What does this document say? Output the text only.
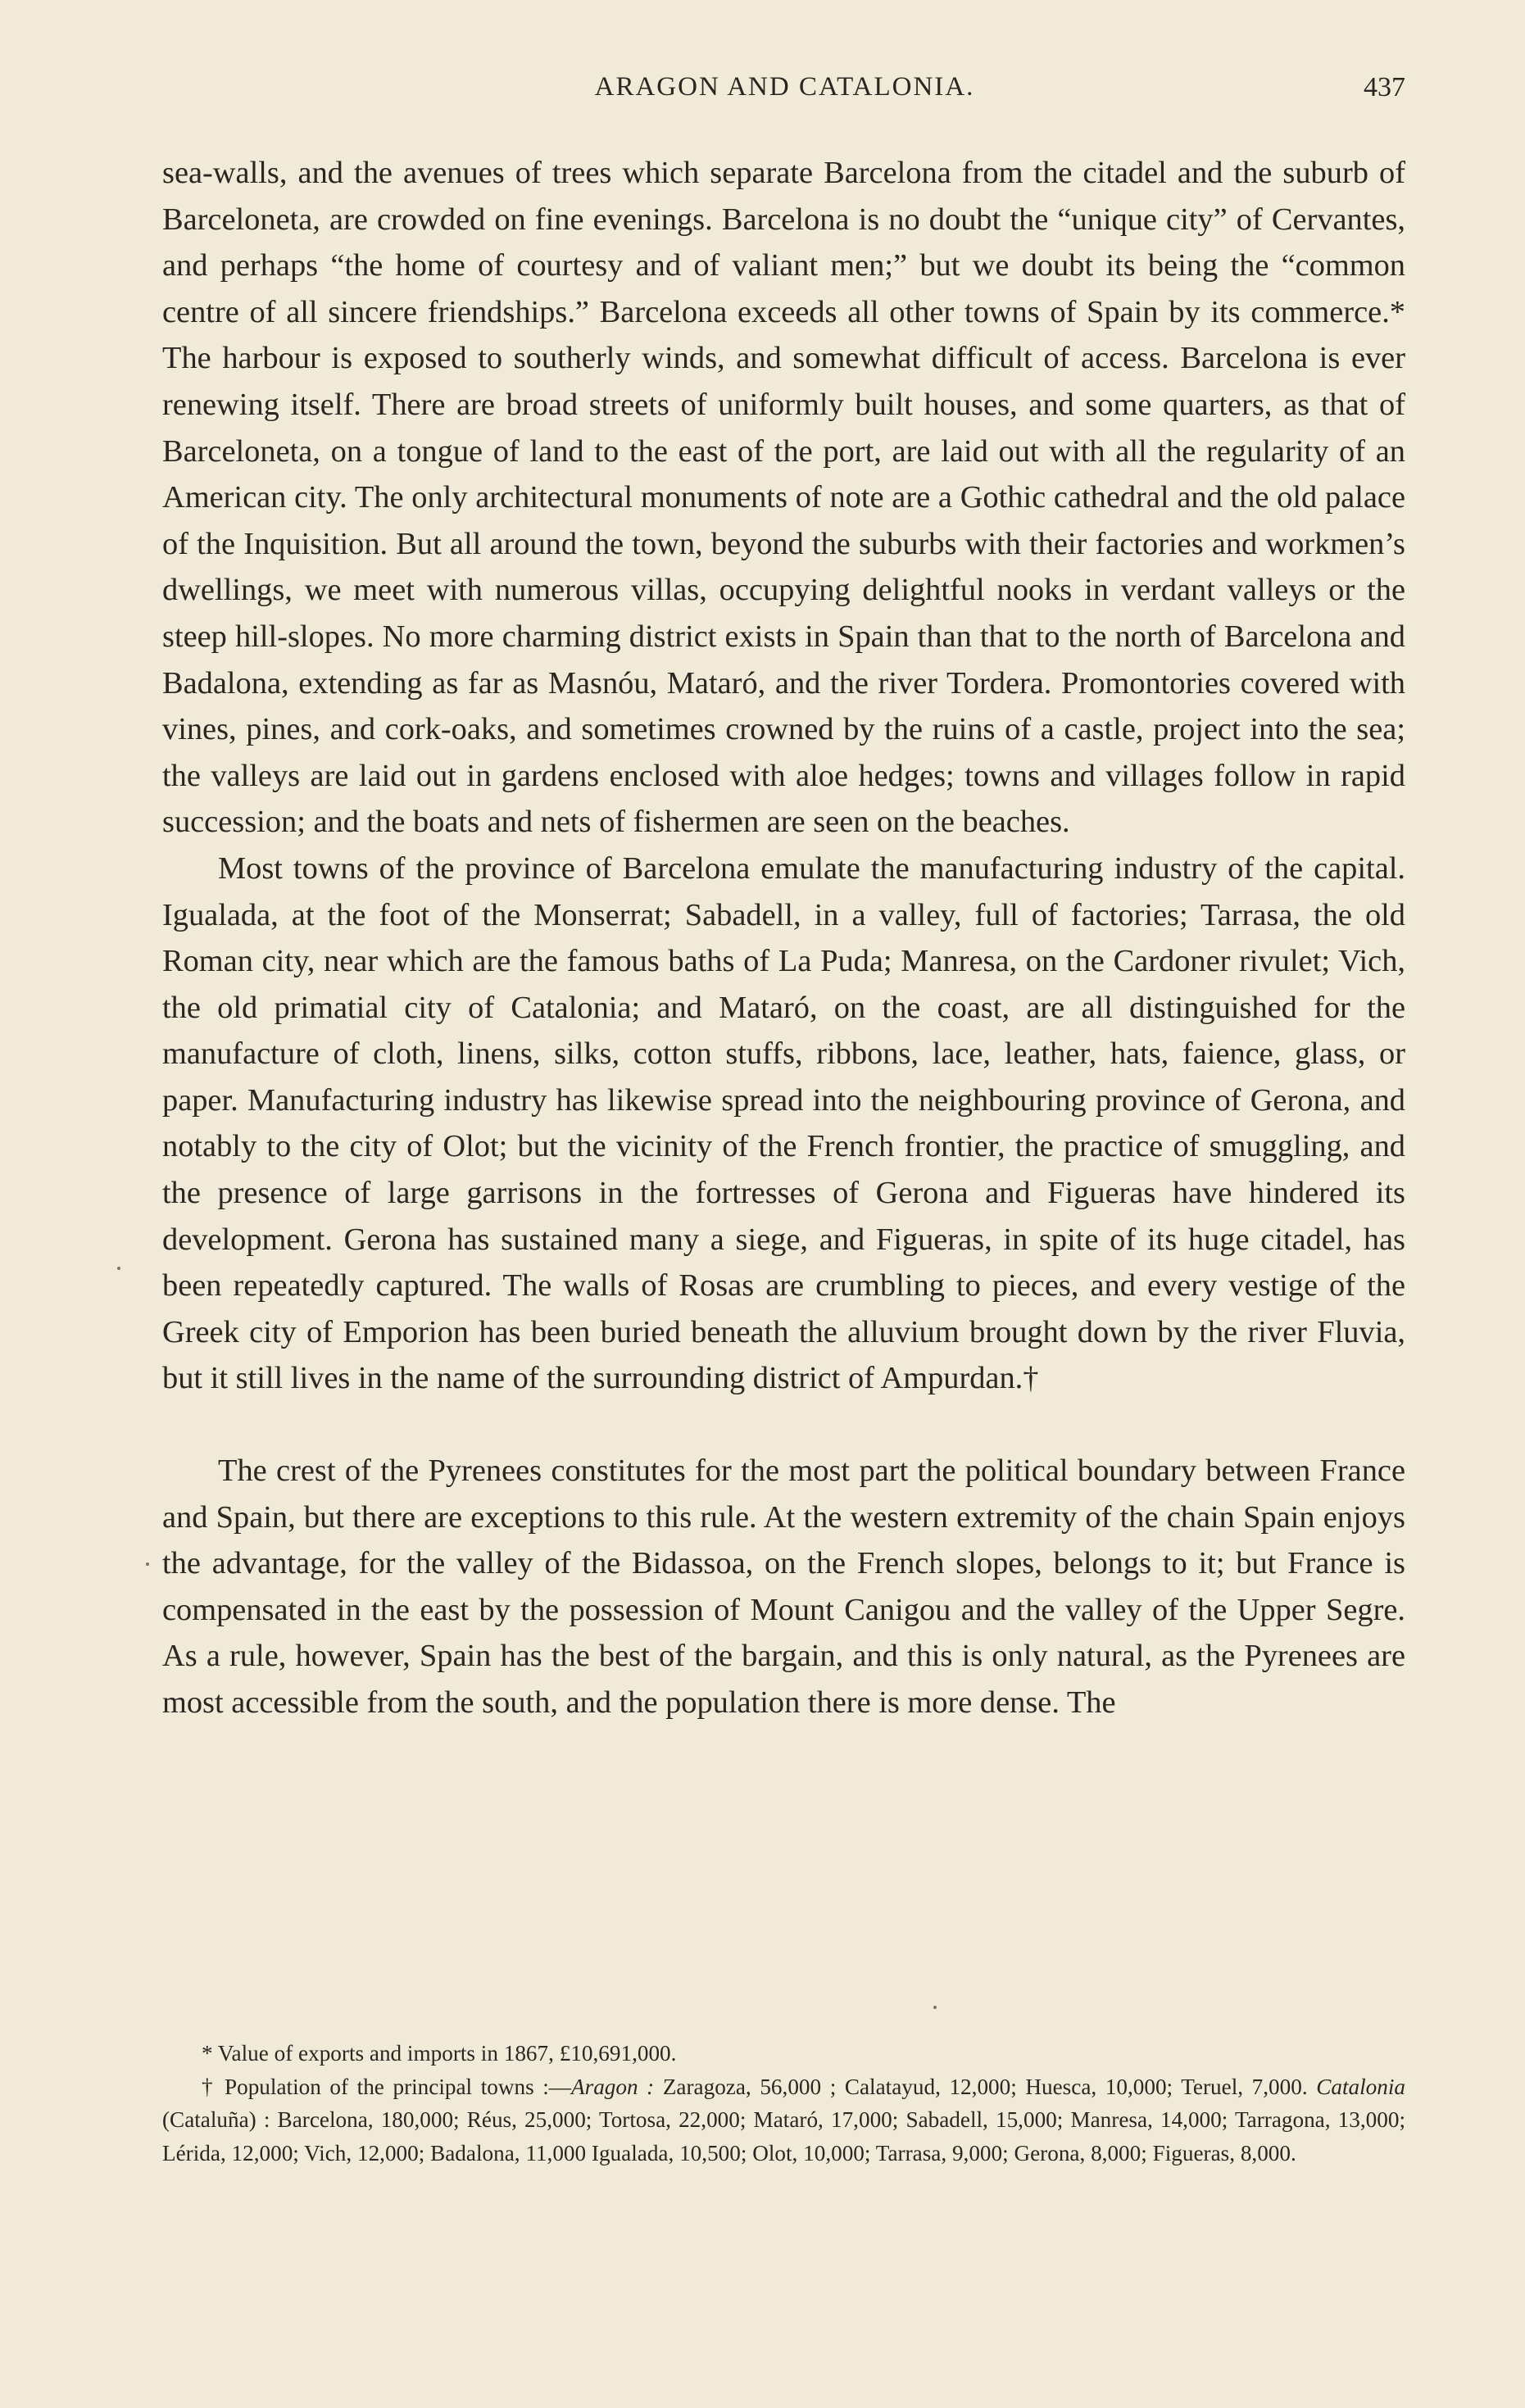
ARAGON AND CATALONIA.	437

sea-walls, and the avenues of trees which separate Barcelona from the citadel and the suburb of Barceloneta, are crowded on fine evenings. Barcelona is no doubt the “unique city” of Cervantes, and perhaps “the home of courtesy and of valiant men;” but we doubt its being the “common centre of all sincere friendships.” Barcelona exceeds all other towns of Spain by its commerce.* The harbour is exposed to southerly winds, and somewhat difficult of access. Barcelona is ever renewing itself. There are broad streets of uniformly built houses, and some quarters, as that of Barceloneta, on a tongue of land to the east of the port, are laid out with all the regularity of an American city. The only architectural monuments of note are a Gothic cathedral and the old palace of the Inquisition. But all around the town, beyond the suburbs with their factories and workmen’s dwellings, we meet with numerous villas, occupying delightful nooks in verdant valleys or the steep hill-slopes. No more charming district exists in Spain than that to the north of Barcelona and Badalona, extending as far as Masnóu, Mataró, and the river Tordera. Promontories covered with vines, pines, and cork-oaks, and sometimes crowned by the ruins of a castle, project into the sea; the valleys are laid out in gardens enclosed with aloe hedges; towns and villages follow in rapid succession; and the boats and nets of fishermen are seen on the beaches.

Most towns of the province of Barcelona emulate the manufacturing industry of the capital. Igualada, at the foot of the Monserrat; Sabadell, in a valley, full of factories; Tarrasa, the old Roman city, near which are the famous baths of La Puda; Manresa, on the Cardoner rivulet; Vich, the old primatial city of Catalonia; and Mataró, on the coast, are all distinguished for the manufacture of cloth, linens, silks, cotton stuffs, ribbons, lace, leather, hats, faience, glass, or paper. Manufacturing industry has likewise spread into the neighbouring province of Gerona, and notably to the city of Olot; but the vicinity of the French frontier, the practice of smuggling, and the presence of large garrisons in the fortresses of Gerona and Figueras have hindered its development. Gerona has sustained many a siege, and Figueras, in spite of its huge citadel, has been repeatedly captured. The walls of Rosas are crumbling to pieces, and every vestige of the Greek city of Emporion has been buried beneath the alluvium brought down by the river Fluvia, but it still lives in the name of the surrounding district of Ampurdan.†

The crest of the Pyrenees constitutes for the most part the political boundary between France and Spain, but there are exceptions to this rule. At the western extremity of the chain Spain enjoys the advantage, for the valley of the Bidassoa, on the French slopes, belongs to it; but France is compensated in the east by the possession of Mount Canigou and the valley of the Upper Segre. As a rule, however, Spain has the best of the bargain, and this is only natural, as the Pyrenees are most accessible from the south, and the population there is more dense. The

* Value of exports and imports in 1867, £10,691,000.

† Population of the principal towns :—Aragon : Zaragoza, 56,000 ; Calatayud, 12,000; Huesca, 10,000; Teruel, 7,000. Catalonia (Cataluña) : Barcelona, 180,000; Réus, 25,000; Tortosa, 22,000; Mataró, 17,000; Sabadell, 15,000; Manresa, 14,000; Tarragona, 13,000; Lérida, 12,000; Vich, 12,000; Badalona, 11,000 Igualada, 10,500; Olot, 10,000; Tarrasa, 9,000; Gerona, 8,000; Figueras, 8,000.
